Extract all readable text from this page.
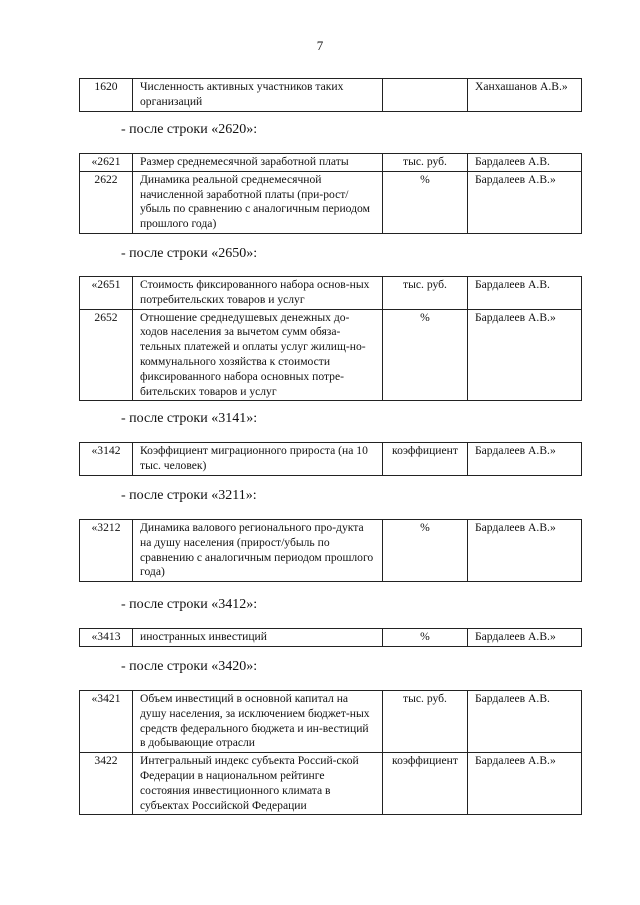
7
1620	Численность активных участников таких организаций		Ханхашанов А.В.»
- после строки «2620»:
«2621	Размер среднемесячной заработной платы	тыс. руб.	Бардалеев А.В.
2622	Динамика реальной среднемесячной начисленной заработной платы (при-рост/убыль по сравнению с аналогичным периодом прошлого года)	%	Бардалеев А.В.»
- после строки «2650»:
«2651	Стоимость фиксированного набора основ-ных потребительских товаров и услуг	тыс. руб.	Бардалеев А.В.
2652	Отношение среднедушевых денежных до-ходов населения за вычетом сумм обяза-тельных платежей и оплаты услуг жилищ-но-коммунального хозяйства к стоимости фиксированного набора основных потре-бительских товаров и услуг	%	Бардалеев А.В.»
- после строки «3141»:
«3142	Коэффициент миграционного прироста (на 10 тыс. человек)	коэффициент	Бардалеев А.В.»
- после строки «3211»:
«3212	Динамика валового регионального про-дукта на душу населения (прирост/убыль по сравнению с аналогичным периодом прошлого года)	%	Бардалеев А.В.»
- после строки «3412»:
«3413	иностранных инвестиций	%	Бардалеев А.В.»
- после строки «3420»:
«3421	Объем инвестиций в основной капитал на душу населения, за исключением бюджет-ных средств федерального бюджета и ин-вестиций в добывающие отрасли	тыс. руб.	Бардалеев А.В.
3422	Интегральный индекс субъекта Россий-ской Федерации в национальном рейтинге состояния инвестиционного климата в субъектах Российской Федерации	коэффициент	Бардалеев А.В.»
